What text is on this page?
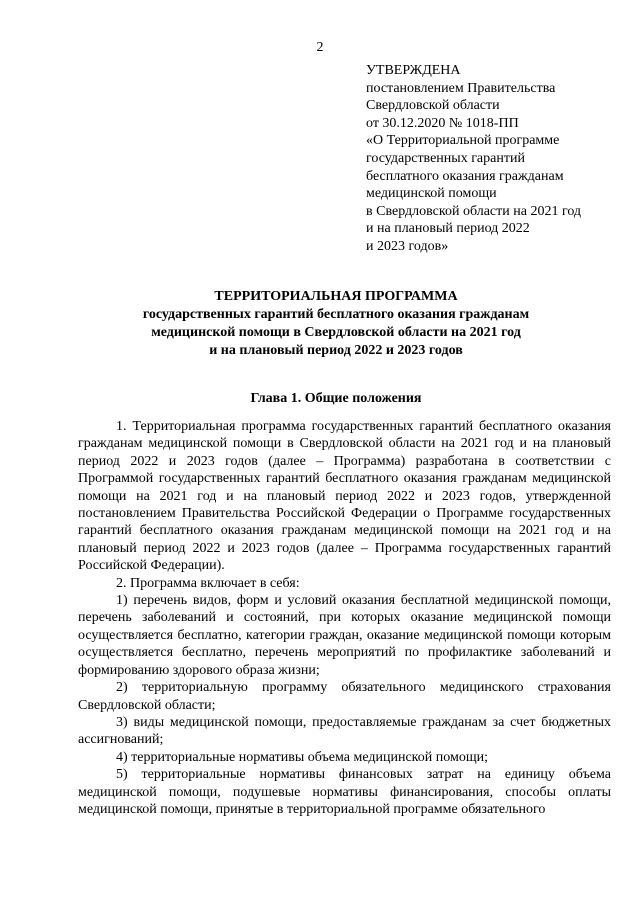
2
УТВЕРЖДЕНА
постановлением Правительства
Свердловской области
от 30.12.2020 № 1018-ПП
«О Территориальной программе
государственных гарантий
бесплатного оказания гражданам
медицинской помощи
в Свердловской области на 2021 год
и на плановый период 2022
и 2023 годов»
ТЕРРИТОРИАЛЬНАЯ ПРОГРАММА
государственных гарантий бесплатного оказания гражданам
медицинской помощи в Свердловской области на 2021 год
и на плановый период 2022 и 2023 годов
Глава 1. Общие положения

1. Территориальная программа государственных гарантий бесплатного оказания гражданам медицинской помощи в Свердловской области на 2021 год и на плановый период 2022 и 2023 годов (далее – Программа) разработана в соответствии с Программой государственных гарантий бесплатного оказания гражданам медицинской помощи на 2021 год и на плановый период 2022 и 2023 годов, утвержденной постановлением Правительства Российской Федерации о Программе государственных гарантий бесплатного оказания гражданам медицинской помощи на 2021 год и на плановый период 2022 и 2023 годов (далее – Программа государственных гарантий Российской Федерации).

2. Программа включает в себя:

1) перечень видов, форм и условий оказания бесплатной медицинской помощи, перечень заболеваний и состояний, при которых оказание медицинской помощи осуществляется бесплатно, категории граждан, оказание медицинской помощи которым осуществляется бесплатно, перечень мероприятий по профилактике заболеваний и формированию здорового образа жизни;

2) территориальную программу обязательного медицинского страхования Свердловской области;

3) виды медицинской помощи, предоставляемые гражданам за счет бюджетных ассигнований;

4) территориальные нормативы объема медицинской помощи;

5) территориальные нормативы финансовых затрат на единицу объема медицинской помощи, подушевые нормативы финансирования, способы оплаты медицинской помощи, принятые в территориальной программе обязательного
